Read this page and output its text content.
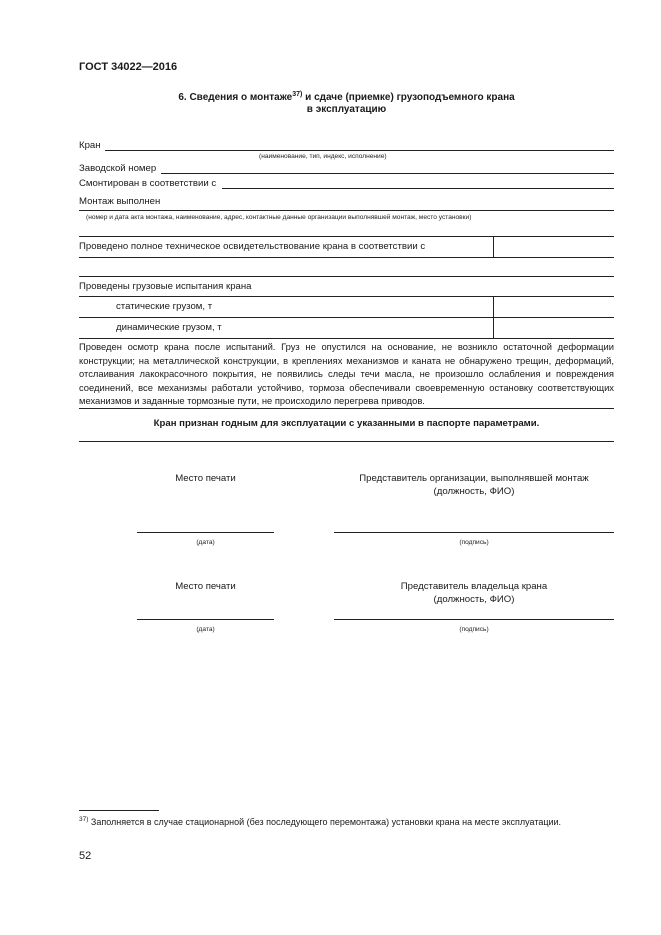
ГОСТ 34022—2016
6. Сведения о монтаже$^{37)}$ и сдаче (приемке) грузоподъемного крана
в эксплуатацию
Кран
(наименование, тип, индекс, исполнение)
Заводской номер
Смонтирован в соответствии с
Монтаж выполнен
(номер и дата акта монтажа, наименование, адрес, контактные данные организации выполнявшей монтаж, место установки)
Проведено полное техническое освидетельствование крана в соответствии с
Проведены грузовые испытания крана
статические грузом, т
динамические грузом, т
Проведен осмотр крана после испытаний. Груз не опустился на основание, не возникло остаточной деформации конструкции; на металлической конструкции, в креплениях механизмов и каната не обнаружено трещин, деформаций, отслаивания лакокрасочного покрытия, не появились следы течи масла, не произошло ослабления и повреждения соединений, все механизмы работали устойчиво, тормоза обеспечивали своевременную остановку соответствующих механизмов и заданные тормозные пути, не происходило перегрева приводов.
Кран признан годным для эксплуатации с указанными в паспорте параметрами.
Место печати	Представитель организации, выполнявшей монтаж
(должность, ФИО)
(дата)	(подпись)
Место печати	Представитель владельца крана
(должность, ФИО)
(дата)	(подпись)
$^{37)}$ Заполняется в случае стационарной (без последующего перемонтажа) установки крана на месте эксплуатации.
52
